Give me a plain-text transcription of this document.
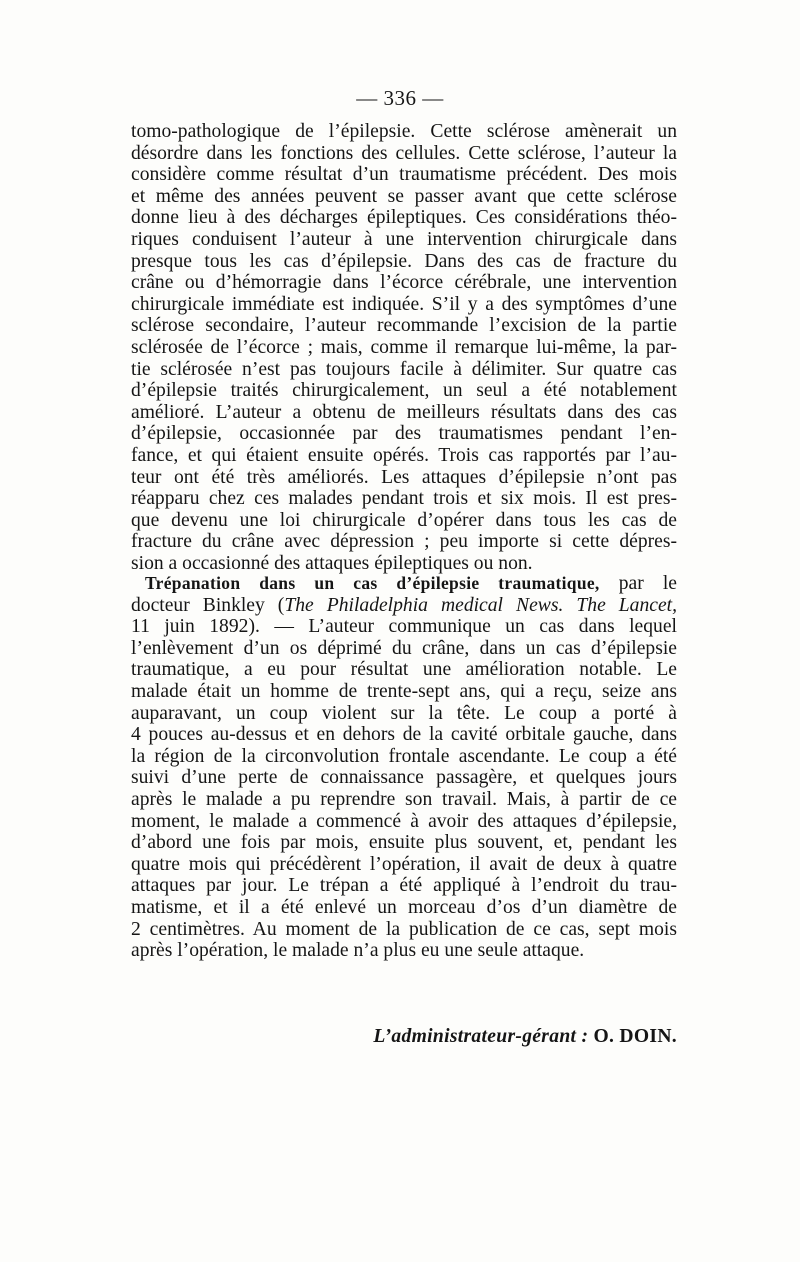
— 336 —
tomo-pathologique de l’épilepsie. Cette sclérose amènerait un
désordre dans les fonctions des cellules. Cette sclérose, l’auteur la
considère comme résultat d’un traumatisme précédent. Des mois
et même des années peuvent se passer avant que cette sclérose
donne lieu à des décharges épileptiques. Ces considérations théo-
riques conduisent l’auteur à une intervention chirurgicale dans
presque tous les cas d’épilepsie. Dans des cas de fracture du
crâne ou d’hémorragie dans l’écorce cérébrale, une intervention
chirurgicale immédiate est indiquée. S’il y a des symptômes d’une
sclérose secondaire, l’auteur recommande l’excision de la partie
sclérosée de l’écorce ; mais, comme il remarque lui-même, la par-
tie sclérosée n’est pas toujours facile à délimiter. Sur quatre cas
d’épilepsie traités chirurgicalement, un seul a été notablement
amélioré. L’auteur a obtenu de meilleurs résultats dans des cas
d’épilepsie, occasionnée par des traumatismes pendant l’en-
fance, et qui étaient ensuite opérés. Trois cas rapportés par l’au-
teur ont été très améliorés. Les attaques d’épilepsie n’ont pas
réapparu chez ces malades pendant trois et six mois. Il est pres-
que devenu une loi chirurgicale d’opérer dans tous les cas de
fracture du crâne avec dépression ; peu importe si cette dépres-
sion a occasionné des attaques épileptiques ou non.
Trépanation dans un cas d’épilepsie traumatique, par le
docteur Binkley (The Philadelphia medical News. The Lancet,
11 juin 1892). — L’auteur communique un cas dans lequel
l’enlèvement d’un os déprimé du crâne, dans un cas d’épilepsie
traumatique, a eu pour résultat une amélioration notable. Le
malade était un homme de trente-sept ans, qui a reçu, seize ans
auparavant, un coup violent sur la tête. Le coup a porté à
4 pouces au-dessus et en dehors de la cavité orbitale gauche, dans
la région de la circonvolution frontale ascendante. Le coup a été
suivi d’une perte de connaissance passagère, et quelques jours
après le malade a pu reprendre son travail. Mais, à partir de ce
moment, le malade a commencé à avoir des attaques d’épilepsie,
d’abord une fois par mois, ensuite plus souvent, et, pendant les
quatre mois qui précédèrent l’opération, il avait de deux à quatre
attaques par jour. Le trépan a été appliqué à l’endroit du trau-
matisme, et il a été enlevé un morceau d’os d’un diamètre de
2 centimètres. Au moment de la publication de ce cas, sept mois
après l’opération, le malade n’a plus eu une seule attaque.
L’administrateur-gérant : O. DOIN.
